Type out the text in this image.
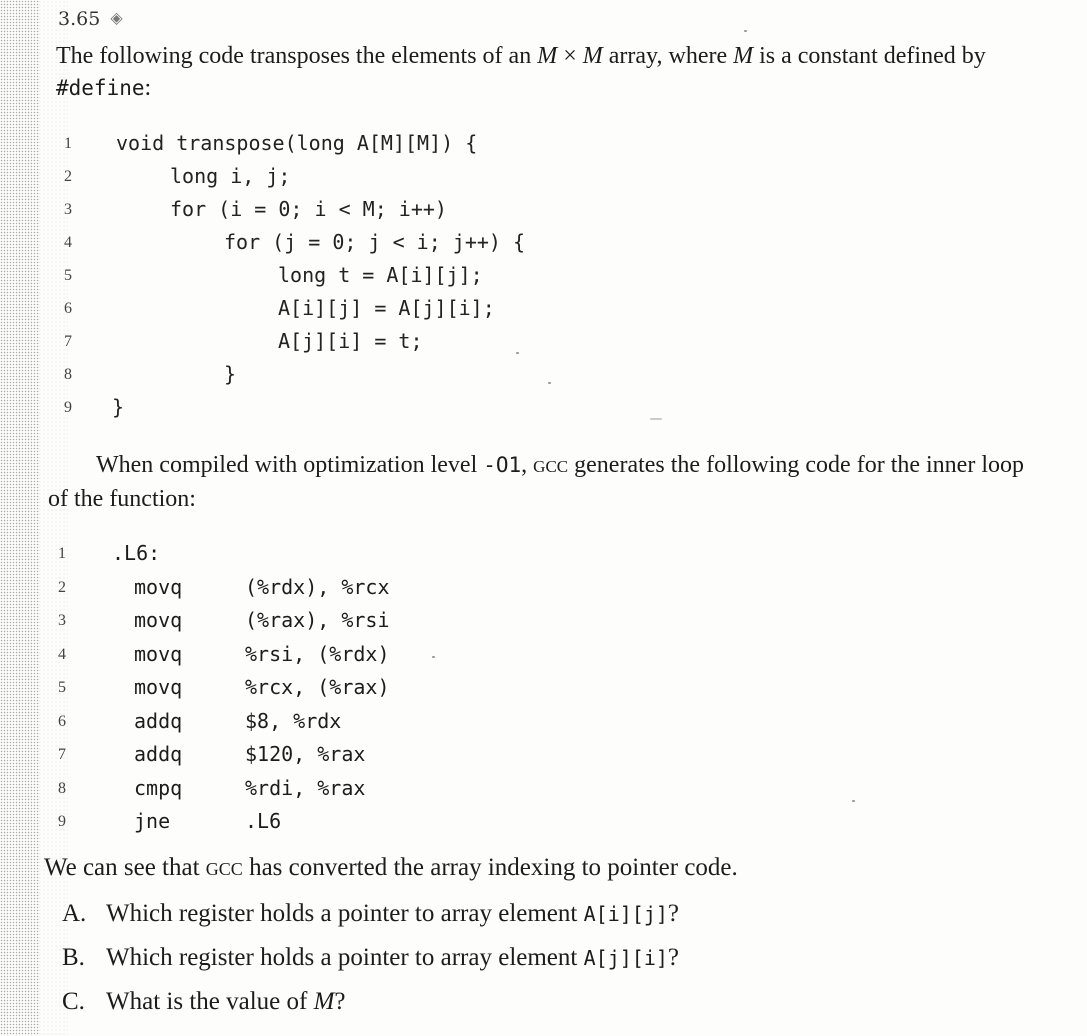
3.65 ◈
The following code transposes the elements of an M × M array, where M is a constant defined by #define:

1

void transpose(long A[M][M]) {

2

	long i, j;

3

	for (i = 0; i < M; i++)

4

	for (j = 0; j < i; j++) {

5

	long t = A[i][j];

6

	A[i][j] = A[j][i];

7

	A[j][i] = t;

8

	}

9

}

When compiled with optimization level -O1, gcc generates the following code for the inner loop of the function:
1 .L6:
2	movq	(%rdx), %rcx
3	movq	(%rax), %rsi
4	movq	%rsi, (%rdx)
5	movq	%rcx, (%rax)
6	addq	$8, %rdx
7	addq	$120, %rax
8	cmpq	%rdi, %rax
9	jne	.L6
We can see that gcc has converted the array indexing to pointer code.
A. Which register holds a pointer to array element A[i][j]?
B. Which register holds a pointer to array element A[j][i]?
C. What is the value of M?
